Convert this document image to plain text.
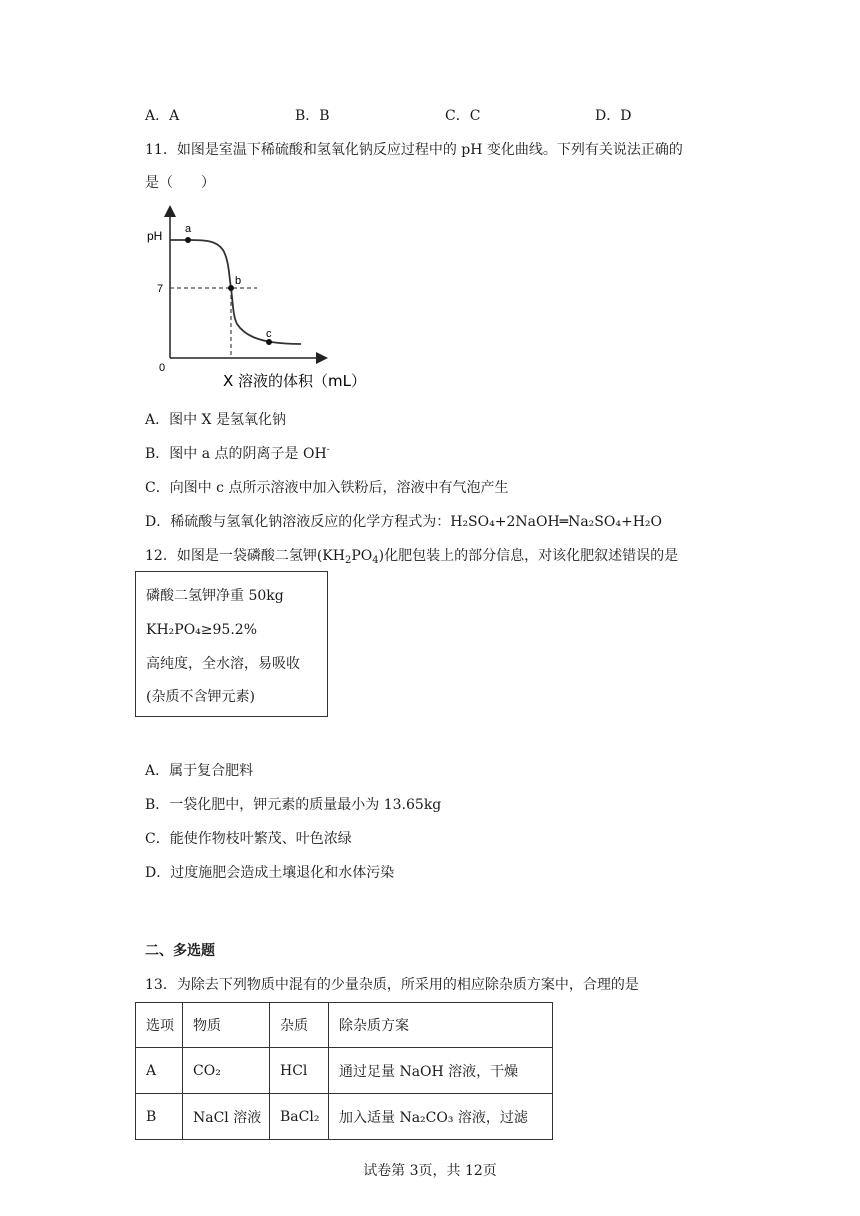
A．A	B．B	C．C	D．D
11．如图是室温下稀硫酸和氢氧化钠反应过程中的 pH 变化曲线。下列有关说法正确的
是（　　）
pH
7
0
a
b
c
X 溶液的体积（mL）
A．图中 X 是氢氧化钠
B．图中 a 点的阴离子是 OH-
C．向图中 c 点所示溶液中加入铁粉后，溶液中有气泡产生
D．稀硫酸与氢氧化钠溶液反应的化学方程式为：H₂SO₄+2NaOH═Na₂SO₄+H₂O
12．如图是一袋磷酸二氢钾$(KH_2PO_4)$化肥包装上的部分信息，对该化肥叙述错误的是
磷酸二氢钾净重 50kg
KH₂PO₄≥95.2%
高纯度，全水溶，易吸收
(杂质不含钾元素)
A．属于复合肥料
B．一袋化肥中，钾元素的质量最小为 13.65kg
C．能使作物枝叶繁茂、叶色浓绿
D．过度施肥会造成土壤退化和水体污染
二、多选题
13．为除去下列物质中混有的少量杂质，所采用的相应除杂质方案中，合理的是
选项	物质	杂质	除杂质方案
A	CO₂	HCl	通过足量 NaOH 溶液，干燥
B	NaCl 溶液	BaCl₂	加入适量 Na₂CO₃ 溶液，过滤
试卷第 3页，共 12页
